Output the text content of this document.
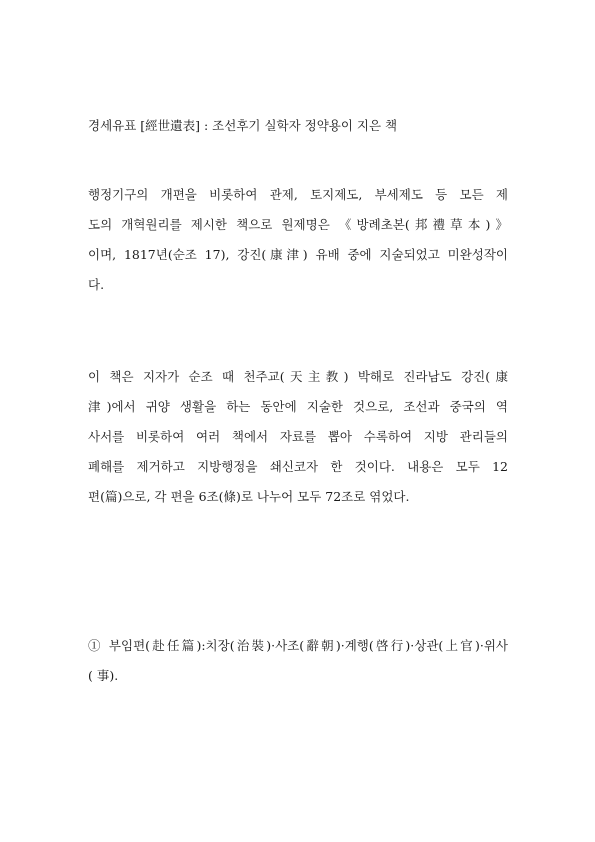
경세유표 [經世遺表] : 조선후기 실학자 정약용이 지은 책
행정기구의 개편을 비롯하여 관제, 토지제도, 부세제도 등 모든 제
도의 개혁원리를 제시한 책으로 원제명은 《방례초본(邦禮草本)》
이며, 1817년(순조 17), 강진(康津) 유배 중에 지술되었고 미완성작이
다.
이 책은 지자가 순조 때 천주교(天主教) 박해로 진라남도 강진(康
津)에서 귀양 생활을 하는 동안에 지술한 것으로, 조선과 중국의 역
사서를 비롯하여 여러 책에서 자료를 뽑아 수록하여 지방 관리들의
폐해를 제거하고 지방행정을 쇄신코자 한 것이다. 내용은 모두 12
편(篇)으로, 각 편을 6조(條)로 나누어 모두 72조로 엮었다.
① 부임편(赴任篇):치장(治裝)·사조(辭朝)·계행(啓行)·상관(上官)·위사
( 事).
